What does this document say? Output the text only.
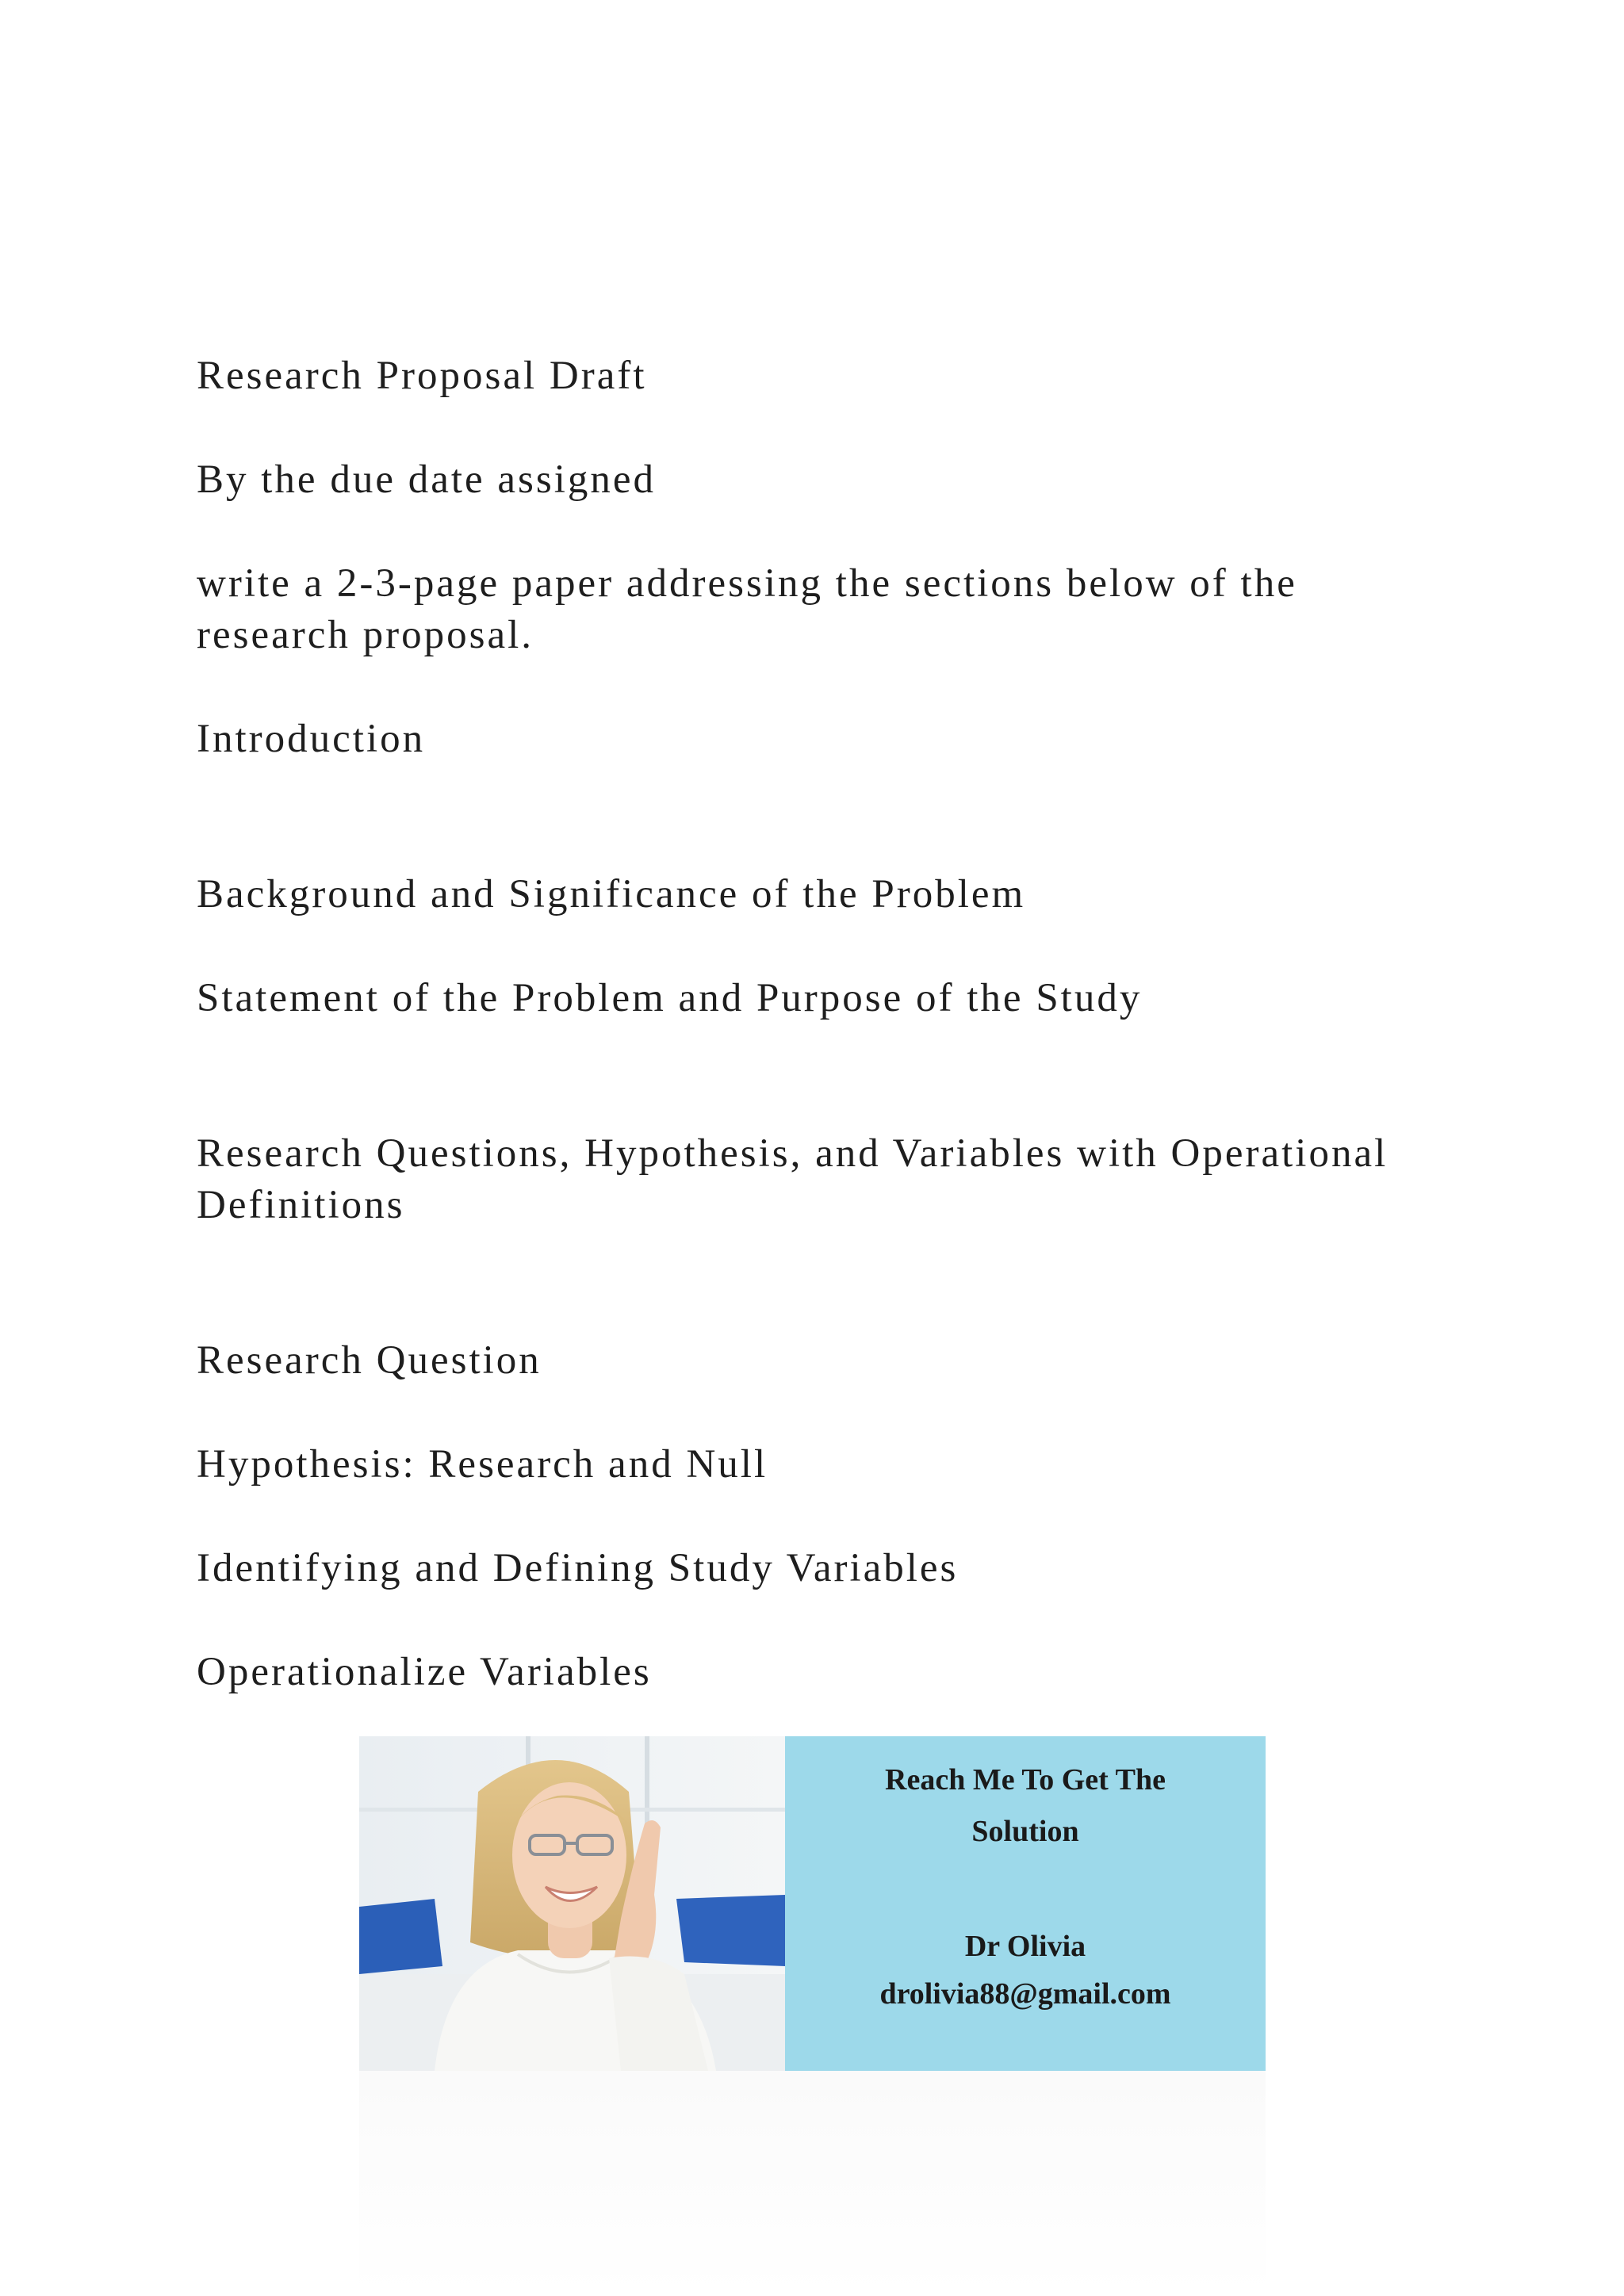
Research Proposal Draft

By the due date assigned

write a 2-3-page paper addressing the sections below of the

research proposal.

Introduction

Background and Significance of the Problem

Statement of the Problem and Purpose of the Study

Research Questions, Hypothesis, and Variables with Operational

Definitions

Research Question

Hypothesis: Research and Null

Identifying and Defining Study Variables

Operationalize Variables

Reach Me To Get The
Solution
Dr Olivia
drolivia88@gmail.com
